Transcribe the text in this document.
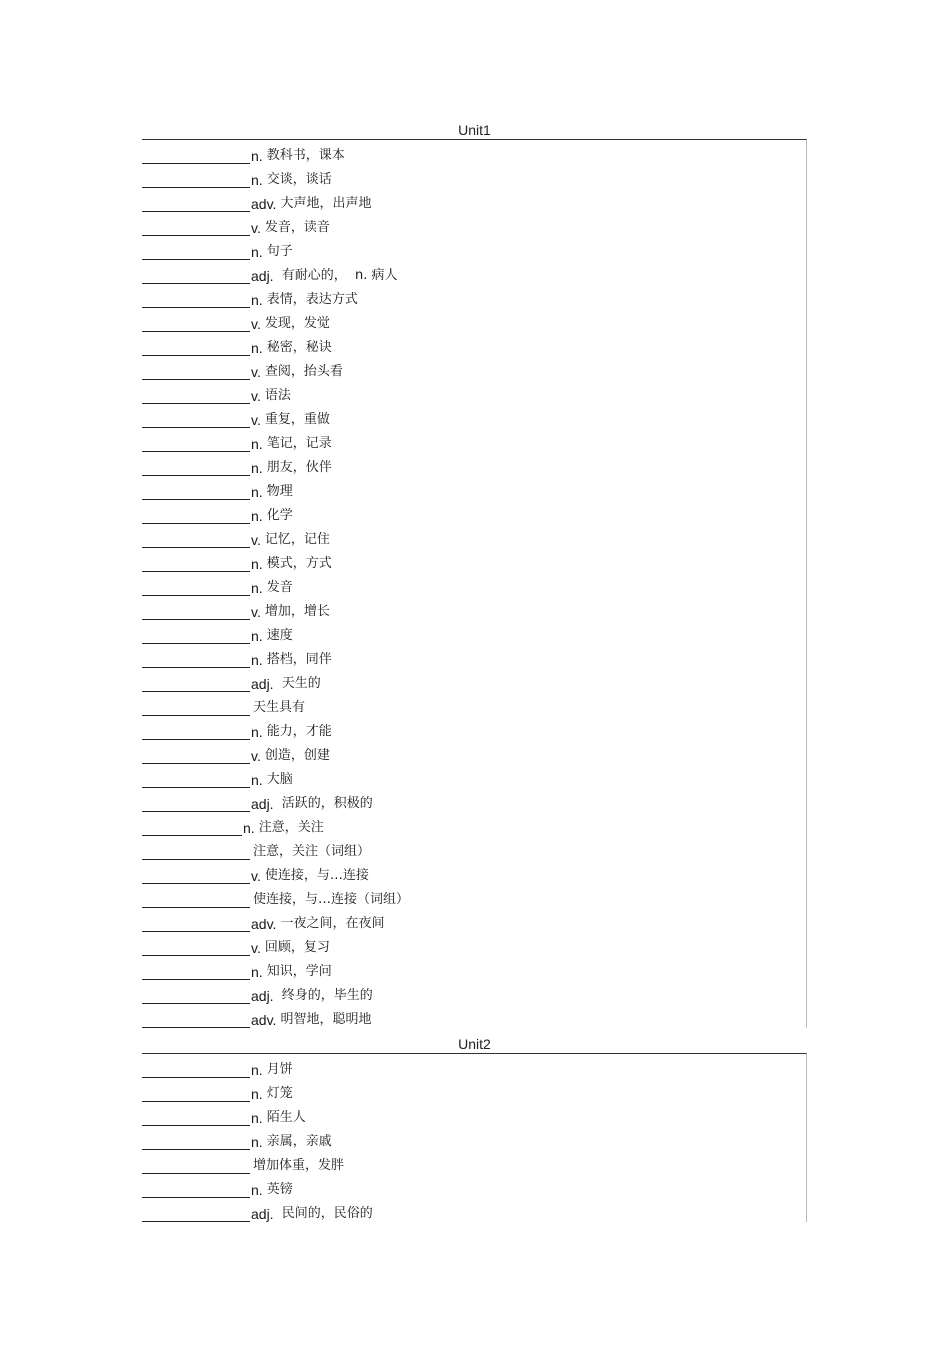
Unit1
n. 教科书，课本
n. 交谈，谈话
adv. 大声地，出声地
v. 发音，读音
n. 句子
adj. 有耐心的，  n. 病人
n. 表情，表达方式
v. 发现，发觉
n. 秘密，秘诀
v. 查阅，抬头看
v. 语法
v. 重复，重做
n. 笔记，记录
n. 朋友，伙伴
n. 物理
n. 化学
v. 记忆，记住
n. 模式，方式
n. 发音
v. 增加，增长
n. 速度
n. 搭档，同伴
adj. 天生的
天生具有
n. 能力，才能
v. 创造，创建
n. 大脑
adj. 活跃的，积极的
n. 注意，关注
注意，关注（词组）
v. 使连接，与…连接
使连接，与…连接（词组）
adv. 一夜之间，在夜间
v. 回顾，复习
n. 知识，学问
adj. 终身的，毕生的
adv. 明智地，聪明地
Unit2
n. 月饼
n. 灯笼
n. 陌生人
n. 亲属，亲戚
增加体重，发胖
n. 英镑
adj. 民间的，民俗的
